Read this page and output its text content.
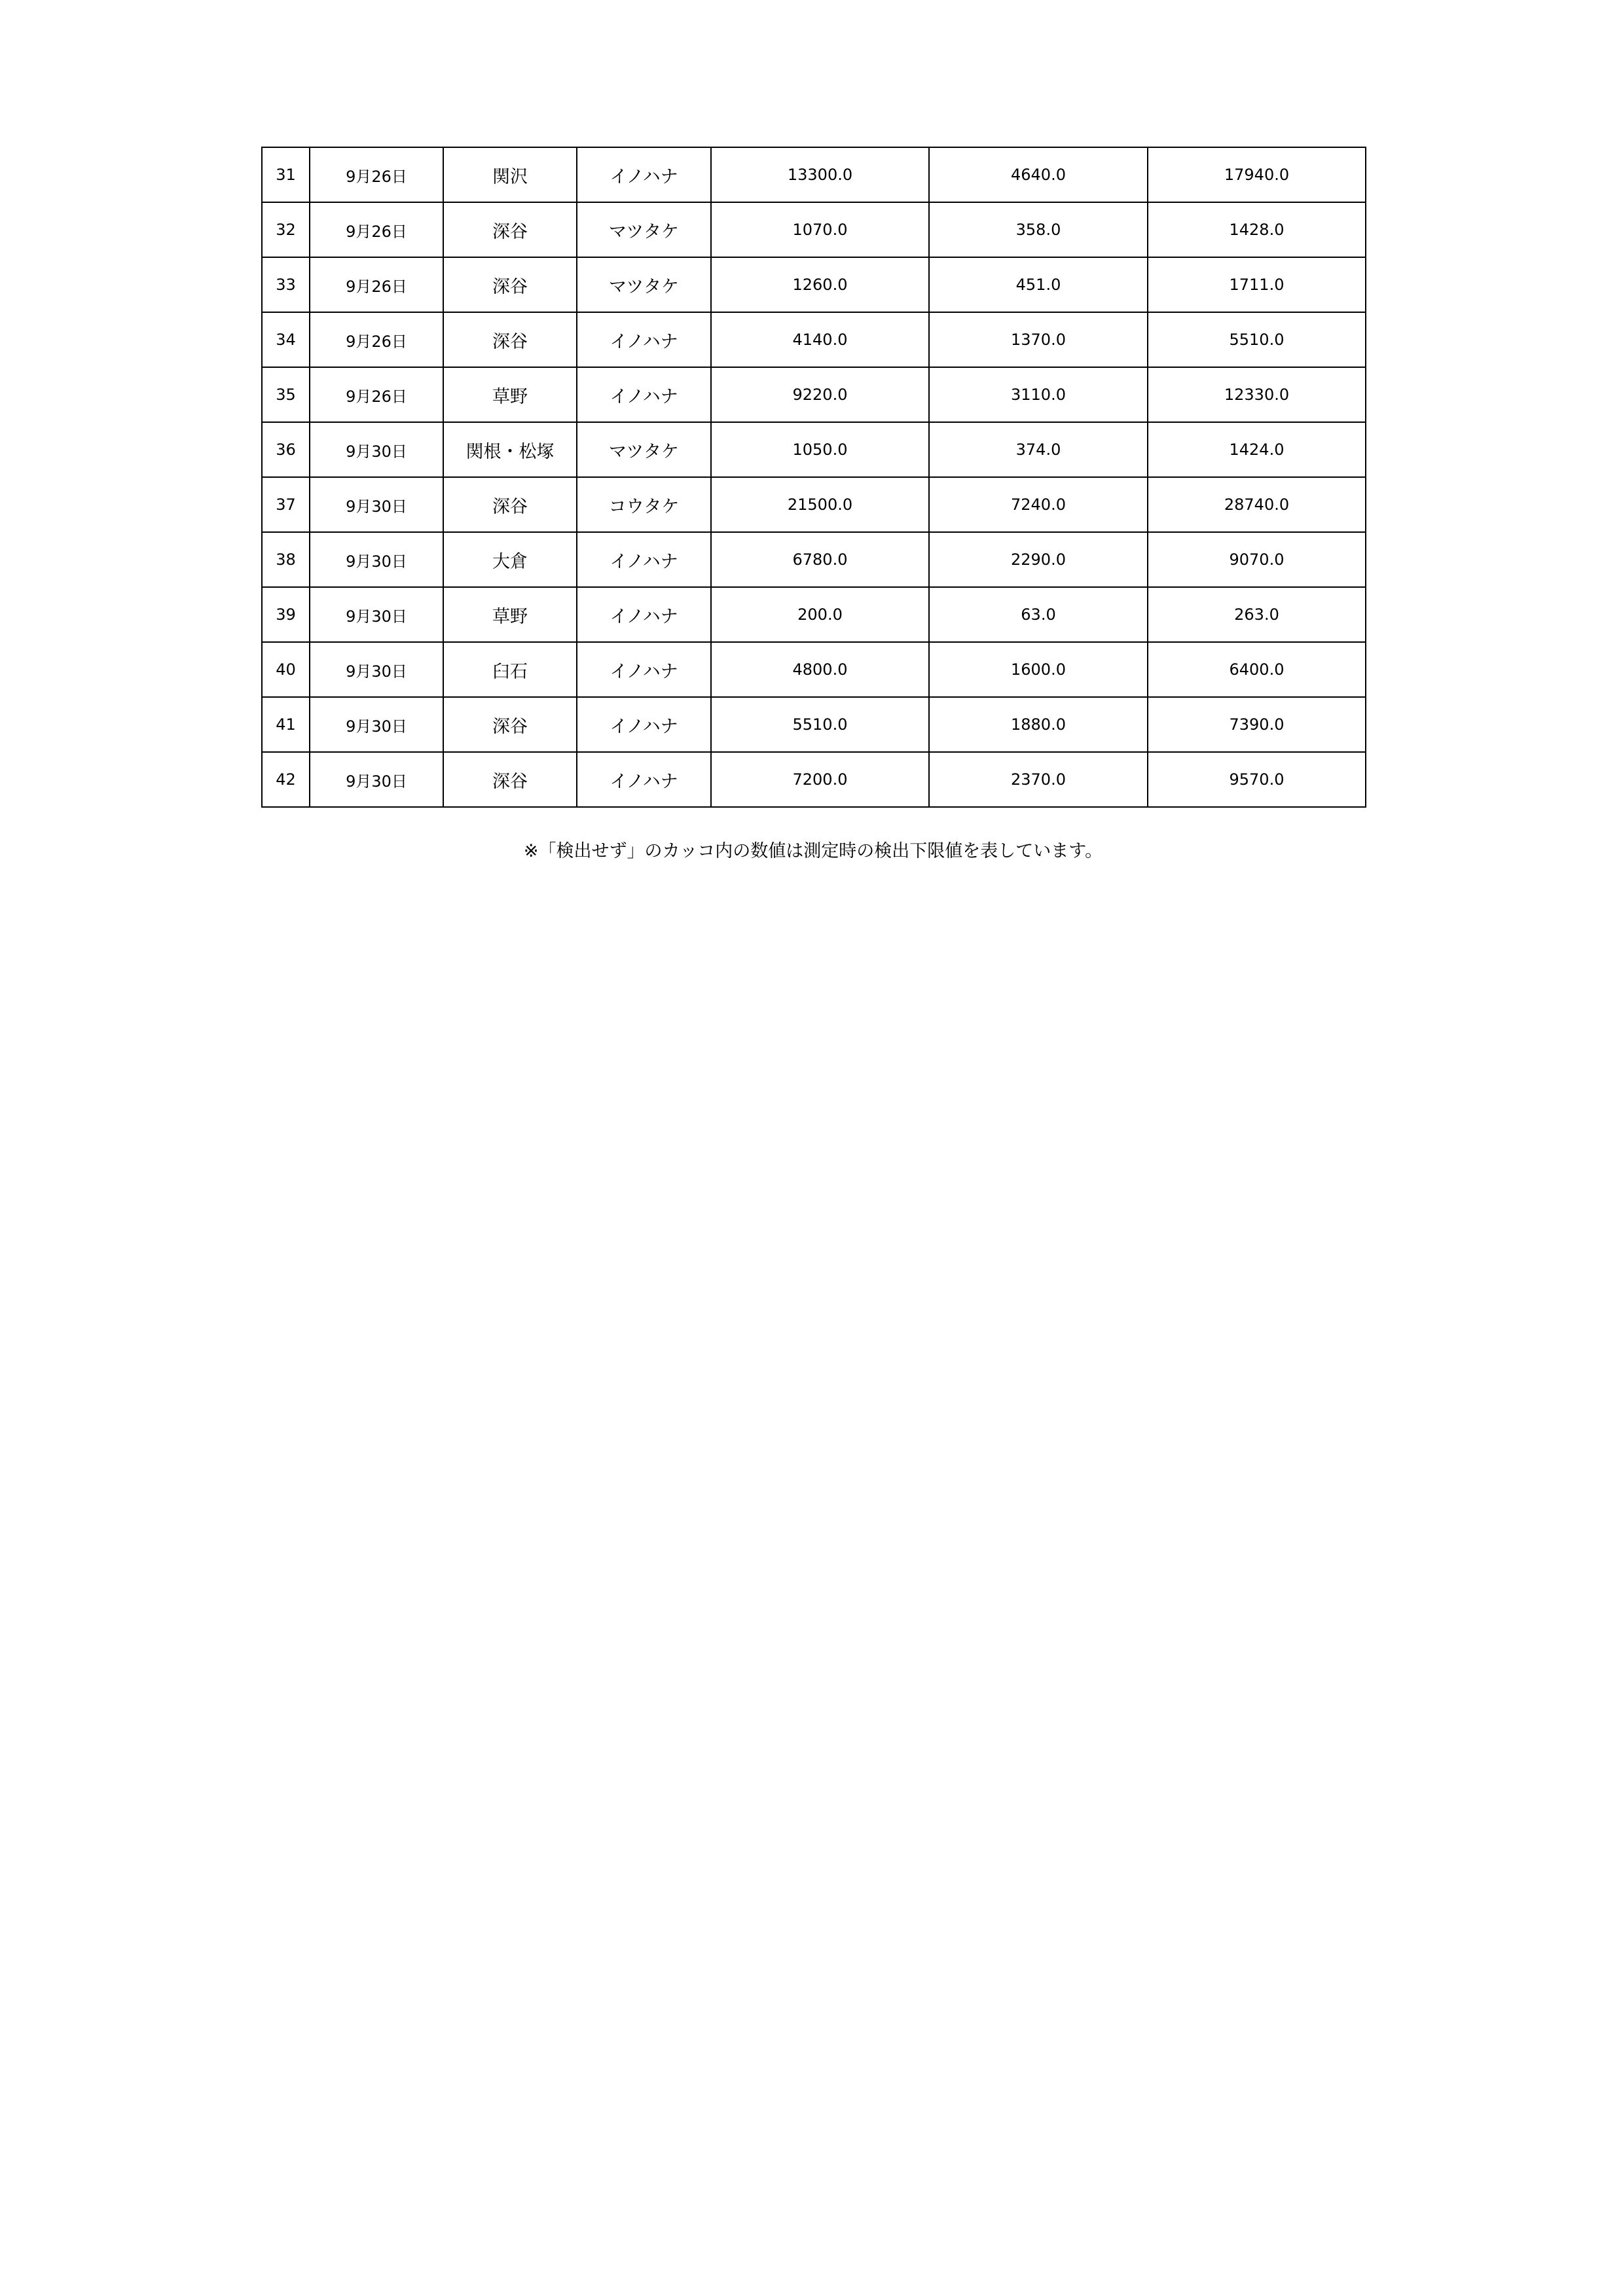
31	9月26日	関沢	イノハナ	13300.0	4640.0	17940.0
32	9月26日	深谷	マツタケ	1070.0	358.0	1428.0
33	9月26日	深谷	マツタケ	1260.0	451.0	1711.0
34	9月26日	深谷	イノハナ	4140.0	1370.0	5510.0
35	9月26日	草野	イノハナ	9220.0	3110.0	12330.0
36	9月30日	関根・松塚	マツタケ	1050.0	374.0	1424.0
37	9月30日	深谷	コウタケ	21500.0	7240.0	28740.0
38	9月30日	大倉	イノハナ	6780.0	2290.0	9070.0
39	9月30日	草野	イノハナ	200.0	63.0	263.0
40	9月30日	臼石	イノハナ	4800.0	1600.0	6400.0
41	9月30日	深谷	イノハナ	5510.0	1880.0	7390.0
42	9月30日	深谷	イノハナ	7200.0	2370.0	9570.0
※「検出せず」のカッコ内の数値は測定時の検出下限値を表しています。
